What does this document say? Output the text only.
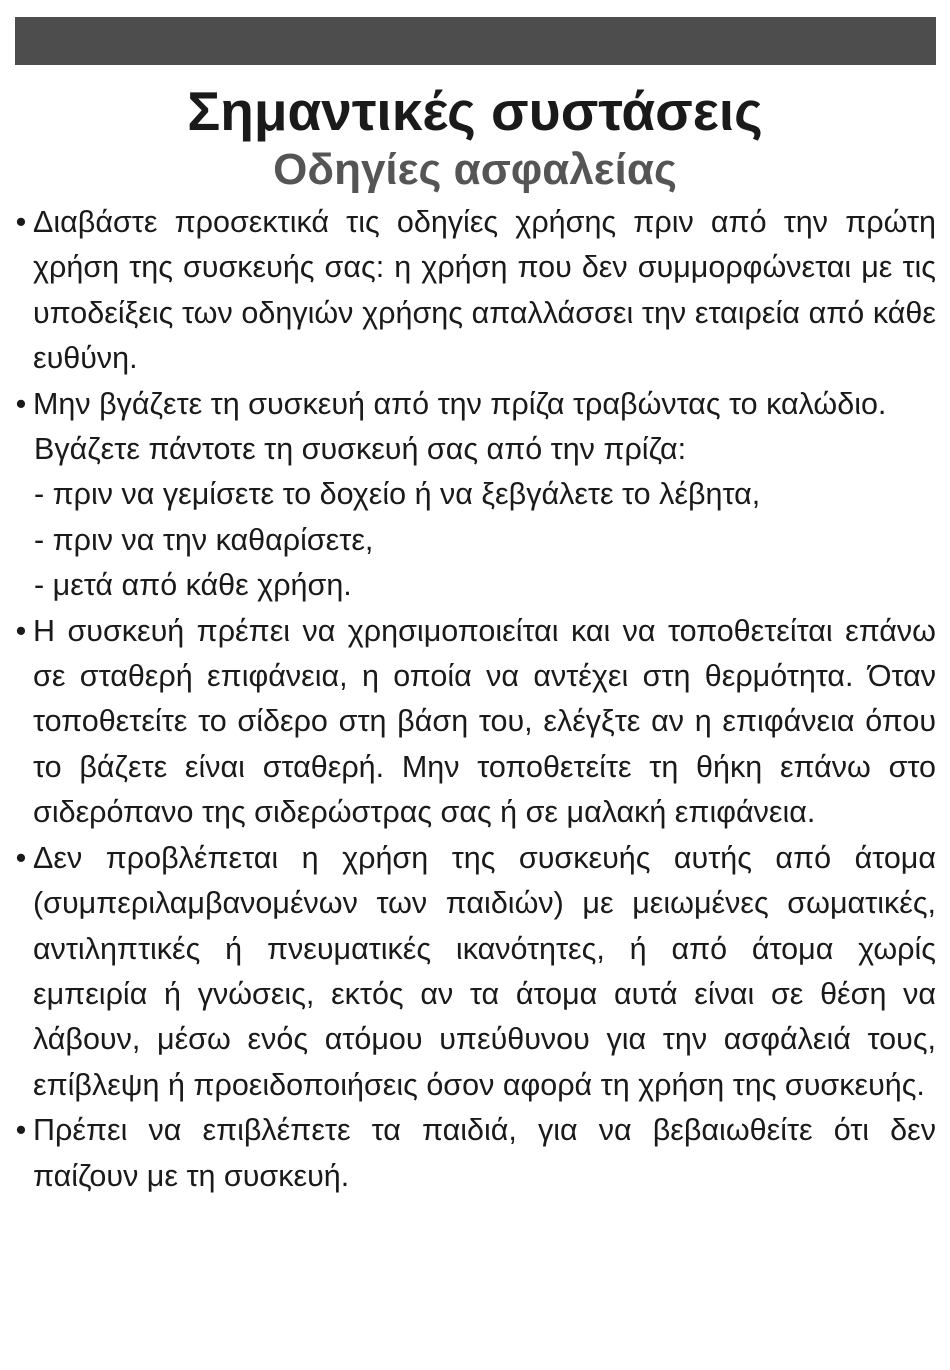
Σημαντικές συστάσεις
Οδηγίες ασφαλείας
• Διαβάστε προσεκτικά τις οδηγίες χρήσης πριν από την πρώτη χρήση της συσκευής σας: η χρήση που δεν συμμορφώνεται με τις υποδείξεις των οδηγιών χρήσης απαλλάσσει την εταιρεία από κάθε ευθύνη.
• Μην βγάζετε τη συσκευή από την πρίζα τραβώντας το καλώδιο.
Βγάζετε πάντοτε τη συσκευή σας από την πρίζα:
- πριν να γεμίσετε το δοχείο ή να ξεβγάλετε το λέβητα,
- πριν να την καθαρίσετε,
- μετά από κάθε χρήση.
• Η συσκευή πρέπει να χρησιμοποιείται και να τοποθετείται επάνω σε σταθερή επιφάνεια, η οποία να αντέχει στη θερμότητα. Όταν τοποθετείτε το σίδερο στη βάση του, ελέγξτε αν η επιφάνεια όπου το βάζετε είναι σταθερή. Μην τοποθετείτε τη θήκη επάνω στο σιδερόπανο της σιδερώστρας σας ή σε μαλακή επιφάνεια.
• Δεν προβλέπεται η χρήση της συσκευής αυτής από άτομα (συμπεριλαμβανομένων των παιδιών) με μειωμένες σωματικές, αντιληπτικές ή πνευματικές ικανότητες, ή από άτομα χωρίς εμπειρία ή γνώσεις, εκτός αν τα άτομα αυτά είναι σε θέση να λάβουν, μέσω ενός ατόμου υπεύθυνου για την ασφάλειά τους, επίβλεψη ή προειδοποιήσεις όσον αφορά τη χρήση της συσκευής.
• Πρέπει να επιβλέπετε τα παιδιά, για να βεβαιωθείτε ότι δεν παίζουν με τη συσκευή.
